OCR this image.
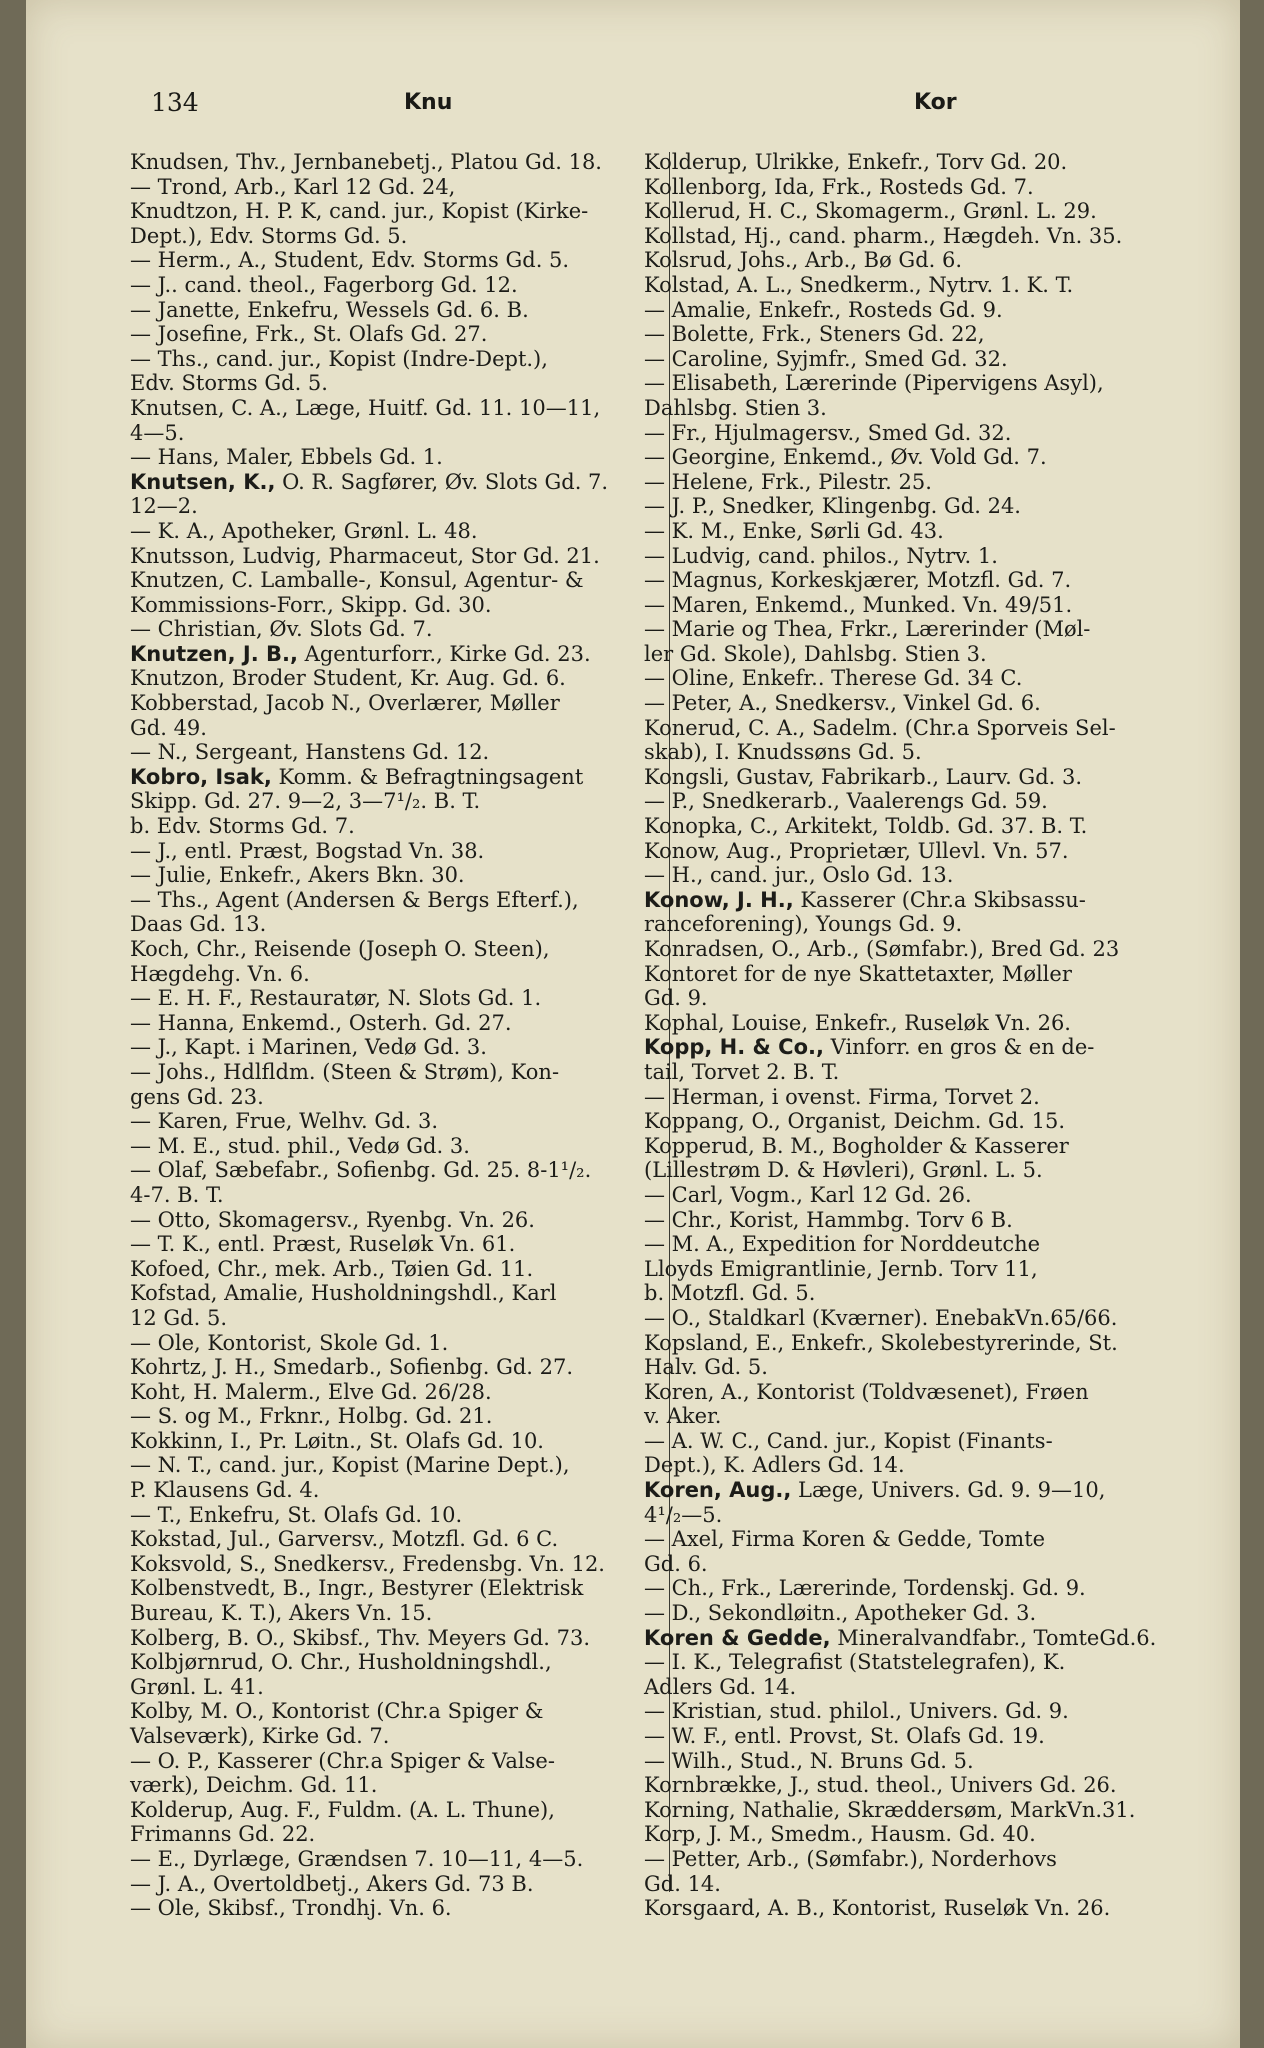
134	Knu	Kor
Knudsen, Thv., Jernbanebetj., Platou Gd. 18.
— Trond, Arb., Karl 12 Gd. 24,
Knudtzon, H. P. K, cand. jur., Kopist (Kirke-
Dept.), Edv. Storms Gd. 5.
— Herm., A., Student, Edv. Storms Gd. 5.
— J.. cand. theol., Fagerborg Gd. 12.
— Janette, Enkefru, Wessels Gd. 6. B.
— Josefine, Frk., St. Olafs Gd. 27.
— Ths., cand. jur., Kopist (Indre-Dept.),
Edv. Storms Gd. 5.
Knutsen, C. A., Læge, Huitf. Gd. 11. 10—11,
4—5.
— Hans, Maler, Ebbels Gd. 1.
Knutsen, K., O. R. Sagfører, Øv. Slots Gd. 7.
12—2.
— K. A., Apotheker, Grønl. L. 48.
Knutsson, Ludvig, Pharmaceut, Stor Gd. 21.
Knutzen, C. Lamballe-, Konsul, Agentur- &
Kommissions-Forr., Skipp. Gd. 30.
— Christian, Øv. Slots Gd. 7.
Knutzen, J. B., Agenturforr., Kirke Gd. 23.
Knutzon, Broder Student, Kr. Aug. Gd. 6.
Kobberstad, Jacob N., Overlærer, Møller
Gd. 49.
— N., Sergeant, Hanstens Gd. 12.
Kobro, Isak, Komm. & Befragtningsagent
Skipp. Gd. 27. 9—2, 3—7¹/₂. B. T.
b. Edv. Storms Gd. 7.
— J., entl. Præst, Bogstad Vn. 38.
— Julie, Enkefr., Akers Bkn. 30.
— Ths., Agent (Andersen & Bergs Efterf.),
Daas Gd. 13.
Koch, Chr., Reisende (Joseph O. Steen),
Hægdehg. Vn. 6.
— E. H. F., Restauratør, N. Slots Gd. 1.
— Hanna, Enkemd., Osterh. Gd. 27.
— J., Kapt. i Marinen, Vedø Gd. 3.
— Johs., Hdlfldm. (Steen & Strøm), Kon-
gens Gd. 23.
— Karen, Frue, Welhv. Gd. 3.
— M. E., stud. phil., Vedø Gd. 3.
— Olaf, Sæbefabr., Sofienbg. Gd. 25. 8-1¹/₂.
4-7. B. T.
— Otto, Skomagersv., Ryenbg. Vn. 26.
— T. K., entl. Præst, Ruseløk Vn. 61.
Kofoed, Chr., mek. Arb., Tøien Gd. 11.
Kofstad, Amalie, Husholdningshdl., Karl
12 Gd. 5.
— Ole, Kontorist, Skole Gd. 1.
Kohrtz, J. H., Smedarb., Sofienbg. Gd. 27.
Koht, H. Malerm., Elve Gd. 26/28.
— S. og M., Frknr., Holbg. Gd. 21.
Kokkinn, I., Pr. Løitn., St. Olafs Gd. 10.
— N. T., cand. jur., Kopist (Marine Dept.),
P. Klausens Gd. 4.
— T., Enkefru, St. Olafs Gd. 10.
Kokstad, Jul., Garversv., Motzfl. Gd. 6 C.
Koksvold, S., Snedkersv., Fredensbg. Vn. 12.
Kolbenstvedt, B., Ingr., Bestyrer (Elektrisk
Bureau, K. T.), Akers Vn. 15.
Kolberg, B. O., Skibsf., Thv. Meyers Gd. 73.
Kolbjørnrud, O. Chr., Husholdningshdl.,
Grønl. L. 41.
Kolby, M. O., Kontorist (Chr.a Spiger &
Valseværk), Kirke Gd. 7.
— O. P., Kasserer (Chr.a Spiger & Valse-
værk), Deichm. Gd. 11.
Kolderup, Aug. F., Fuldm. (A. L. Thune),
Frimanns Gd. 22.
— E., Dyrlæge, Grændsen 7. 10—11, 4—5.
— J. A., Overtoldbetj., Akers Gd. 73 B.
— Ole, Skibsf., Trondhj. Vn. 6.
Kolderup, Ulrikke, Enkefr., Torv Gd. 20.
Kollenborg, Ida, Frk., Rosteds Gd. 7.
Kollerud, H. C., Skomagerm., Grønl. L. 29.
Kollstad, Hj., cand. pharm., Hægdeh. Vn. 35.
Kolsrud, Johs., Arb., Bø Gd. 6.
Kolstad, A. L., Snedkerm., Nytrv. 1. K. T.
— Amalie, Enkefr., Rosteds Gd. 9.
— Bolette, Frk., Steners Gd. 22,
— Caroline, Syjmfr., Smed Gd. 32.
— Elisabeth, Lærerinde (Pipervigens Asyl),
Dahlsbg. Stien 3.
— Fr., Hjulmagersv., Smed Gd. 32.
— Georgine, Enkemd., Øv. Vold Gd. 7.
— Helene, Frk., Pilestr. 25.
— J. P., Snedker, Klingenbg. Gd. 24.
— K. M., Enke, Sørli Gd. 43.
— Ludvig, cand. philos., Nytrv. 1.
— Magnus, Korkeskjærer, Motzfl. Gd. 7.
— Maren, Enkemd., Munked. Vn. 49/51.
— Marie og Thea, Frkr., Lærerinder (Møl-
ler Gd. Skole), Dahlsbg. Stien 3.
— Oline, Enkefr.. Therese Gd. 34 C.
— Peter, A., Snedkersv., Vinkel Gd. 6.
Konerud, C. A., Sadelm. (Chr.a Sporveis Sel-
skab), I. Knudssøns Gd. 5.
Kongsli, Gustav, Fabrikarb., Laurv. Gd. 3.
— P., Snedkerarb., Vaalerengs Gd. 59.
Konopka, C., Arkitekt, Toldb. Gd. 37. B. T.
Konow, Aug., Proprietær, Ullevl. Vn. 57.
— H., cand. jur., Oslo Gd. 13.
Konow, J. H., Kasserer (Chr.a Skibsassu-
ranceforening), Youngs Gd. 9.
Konradsen, O., Arb., (Sømfabr.), Bred Gd. 23
Kontoret for de nye Skattetaxter, Møller
Gd. 9.
Kophal, Louise, Enkefr., Ruseløk Vn. 26.
Kopp, H. & Co., Vinforr. en gros & en de-
tail, Torvet 2. B. T.
— Herman, i ovenst. Firma, Torvet 2.
Koppang, O., Organist, Deichm. Gd. 15.
Kopperud, B. M., Bogholder & Kasserer
(Lillestrøm D. & Høvleri), Grønl. L. 5.
— Carl, Vogm., Karl 12 Gd. 26.
— Chr., Korist, Hammbg. Torv 6 B.
— M. A., Expedition for Norddeutche
Lloyds Emigrantlinie, Jernb. Torv 11,
b. Motzfl. Gd. 5.
— O., Staldkarl (Kværner). EnebakVn.65/66.
Kopsland, E., Enkefr., Skolebestyrerinde, St.
Halv. Gd. 5.
Koren, A., Kontorist (Toldvæsenet), Frøen
v. Aker.
— A. W. C., Cand. jur., Kopist (Finants-
Dept.), K. Adlers Gd. 14.
Koren, Aug., Læge, Univers. Gd. 9. 9—10,
4¹/₂—5.
— Axel, Firma Koren & Gedde, Tomte
Gd. 6.
— Ch., Frk., Lærerinde, Tordenskj. Gd. 9.
— D., Sekondløitn., Apotheker Gd. 3.
Koren & Gedde, Mineralvandfabr., TomteGd.6.
— I. K., Telegrafist (Statstelegrafen), K.
Adlers Gd. 14.
— Kristian, stud. philol., Univers. Gd. 9.
— W. F., entl. Provst, St. Olafs Gd. 19.
— Wilh., Stud., N. Bruns Gd. 5.
Kornbrække, J., stud. theol., Univers Gd. 26.
Korning, Nathalie, Skræddersøm, MarkVn.31.
Korp, J. M., Smedm., Hausm. Gd. 40.
— Petter, Arb., (Sømfabr.), Norderhovs
Gd. 14.
Korsgaard, A. B., Kontorist, Ruseløk Vn. 26.
